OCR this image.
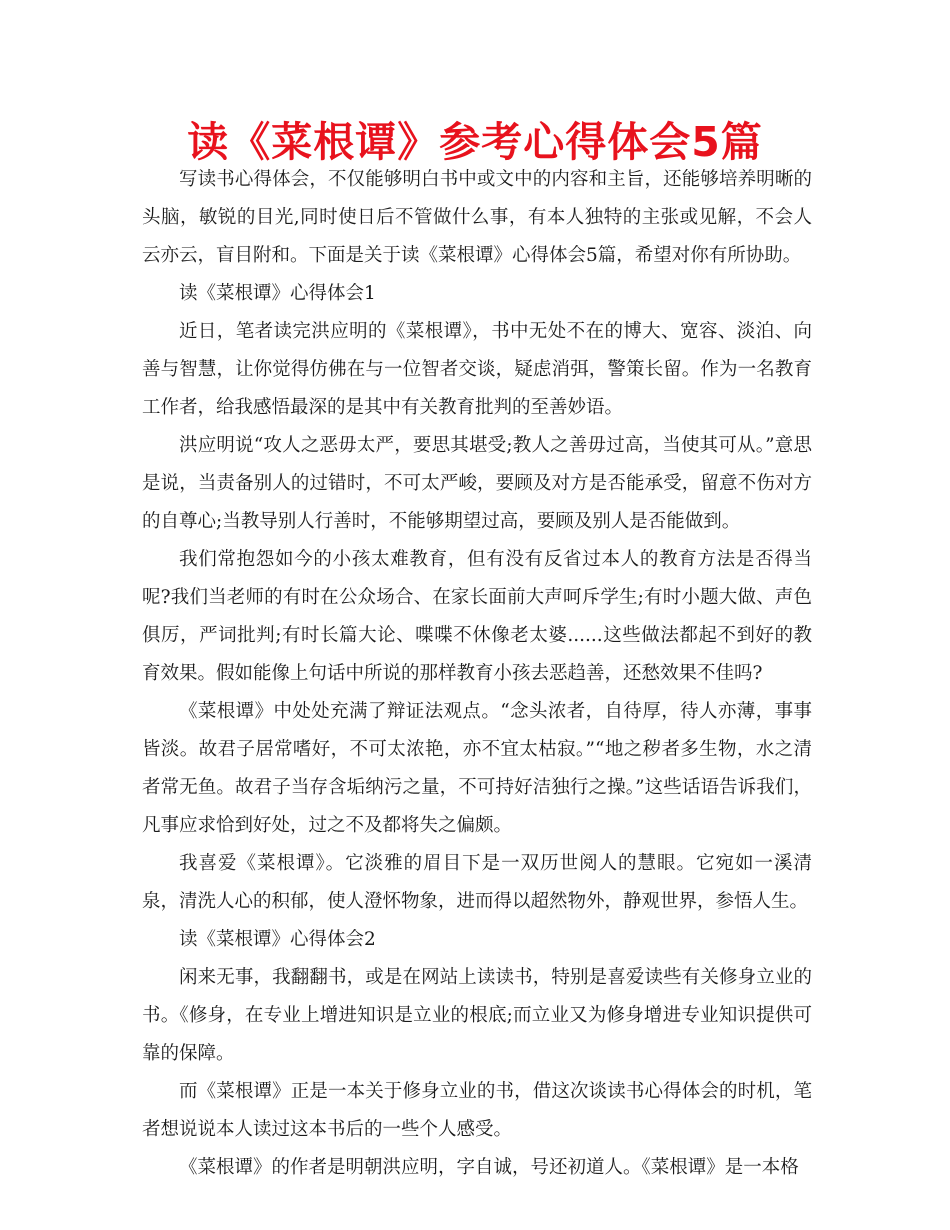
读《菜根谭》参考心得体会5篇

写读书心得体会，不仅能够明白书中或文中的内容和主旨，还能够培养明晰的头脑，敏锐的目光,同时使日后不管做什么事，有本人独特的主张或见解，不会人云亦云，盲目附和。下面是关于读《菜根谭》心得体会5篇，希望对你有所协助。

读《菜根谭》心得体会1

近日，笔者读完洪应明的《菜根谭》，书中无处不在的博大、宽容、淡泊、向善与智慧，让你觉得仿佛在与一位智者交谈，疑虑消弭，警策长留。作为一名教育工作者，给我感悟最深的是其中有关教育批判的至善妙语。

洪应明说“攻人之恶毋太严，要思其堪受;教人之善毋过高，当使其可从。”意思是说，当责备别人的过错时，不可太严峻，要顾及对方是否能承受，留意不伤对方的自尊心;当教导别人行善时，不能够期望过高，要顾及别人是否能做到。

我们常抱怨如今的小孩太难教育，但有没有反省过本人的教育方法是否得当呢?我们当老师的有时在公众场合、在家长面前大声呵斥学生;有时小题大做、声色俱厉，严词批判;有时长篇大论、喋喋不休像老太婆......这些做法都起不到好的教育效果。假如能像上句话中所说的那样教育小孩去恶趋善，还愁效果不佳吗?

《菜根谭》中处处充满了辩证法观点。“念头浓者，自待厚，待人亦薄，事事皆淡。故君子居常嗜好，不可太浓艳，亦不宜太枯寂。”“地之秽者多生物，水之清者常无鱼。故君子当存含垢纳污之量，不可持好洁独行之操。”这些话语告诉我们，凡事应求恰到好处，过之不及都将失之偏颇。

我喜爱《菜根谭》。它淡雅的眉目下是一双历世阅人的慧眼。它宛如一溪清泉，清洗人心的积郁，使人澄怀物象，进而得以超然物外，静观世界，参悟人生。

读《菜根谭》心得体会2

闲来无事，我翻翻书，或是在网站上读读书，特别是喜爱读些有关修身立业的书。《修身，在专业上增进知识是立业的根底;而立业又为修身增进专业知识提供可靠的保障。

而《菜根谭》正是一本关于修身立业的书，借这次谈读书心得体会的时机，笔者想说说本人读过这本书后的一些个人感受。

《菜根谭》的作者是明朝洪应明，字自诚，号还初道人。《菜根谭》是一本格
